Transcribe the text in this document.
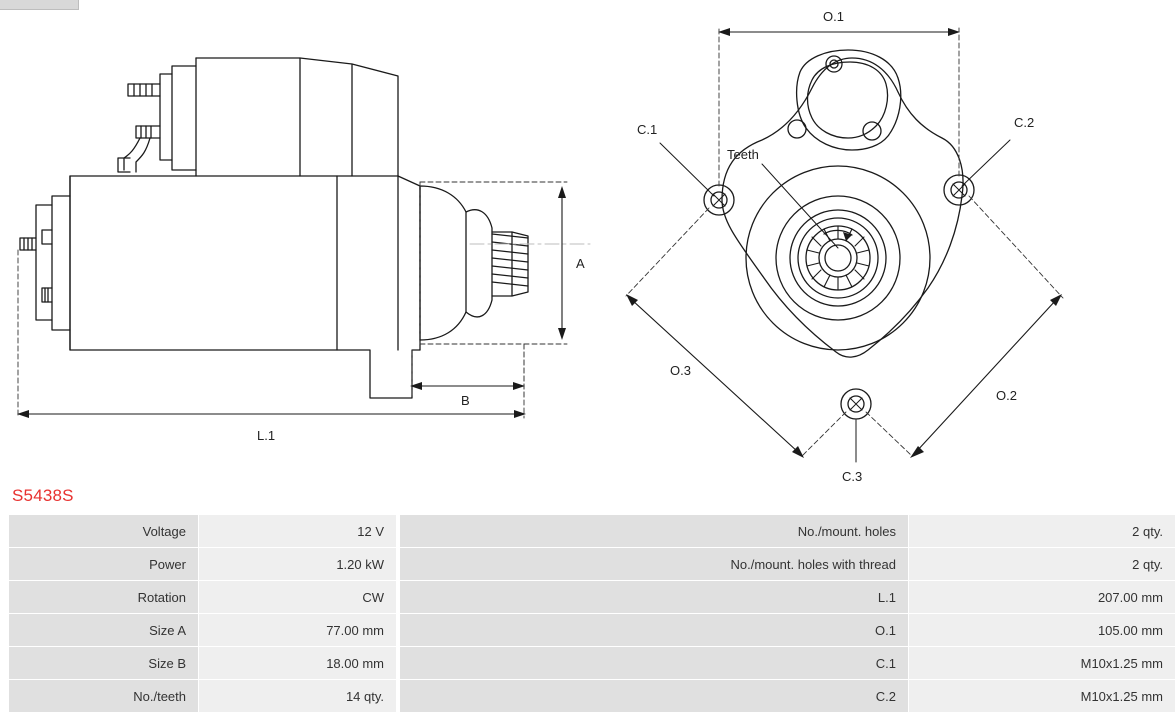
A
B
L.1
O.1
O.2
O.3
C.1	C.2
C.3
Teeth
S5438S
Voltage	12 V
Power	1.20 kW
Rotation	CW
Size A	77.00 mm
Size B	18.00 mm
No./teeth	14 qty.
No./mount. holes	2 qty.
No./mount. holes with thread	2 qty.
L.1	207.00 mm
O.1	105.00 mm
C.1	M10x1.25 mm
C.2	M10x1.25 mm
